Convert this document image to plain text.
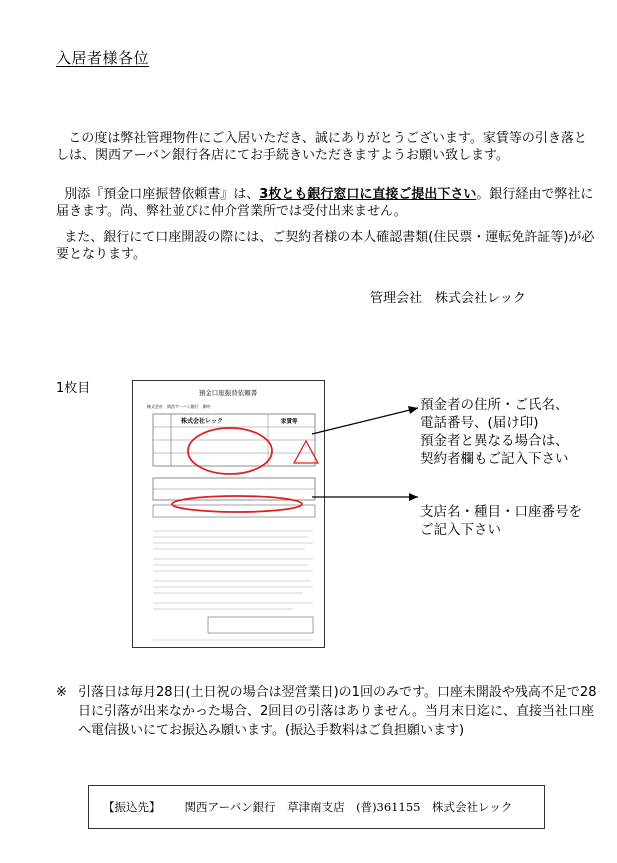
入居者様各位
この度は弊社管理物件にご入居いただき、誠にありがとうございます。家賃等の引き落としは、関西アーバン銀行各店にてお手続きいただきますようお願い致します。
別添『預金口座振替依頼書』は、3枚とも銀行窓口に直接ご提出下さい。銀行経由で弊社に届きます。尚、弊社並びに仲介営業所では受付出来ません。
また、銀行にて口座開設の際には、ご契約者様の本人確認書類(住民票・運転免許証等)が必要となります。
管理会社　株式会社レック
1枚目	預金口座振替依頼書
株式会社　関西アーバン銀行　御中
株式会社レック	家賃等
預金者の住所・ご氏名、
電話番号、(届け印)
預金者と異なる場合は、
契約者欄もご記入下さい
支店名・種目・口座番号を
ご記入下さい
※ 引落日は毎月28日(土日祝の場合は翌営業日)の1回のみです。口座未開設や残高不足で28日に引落が出来なかった場合、2回目の引落はありません。当月末日迄に、直接当社口座へ電信扱いにてお振込み願います。(振込手数料はご負担願います)
【振込先】 関西アーバン銀行　草津南支店　(普)361155　株式会社レック
